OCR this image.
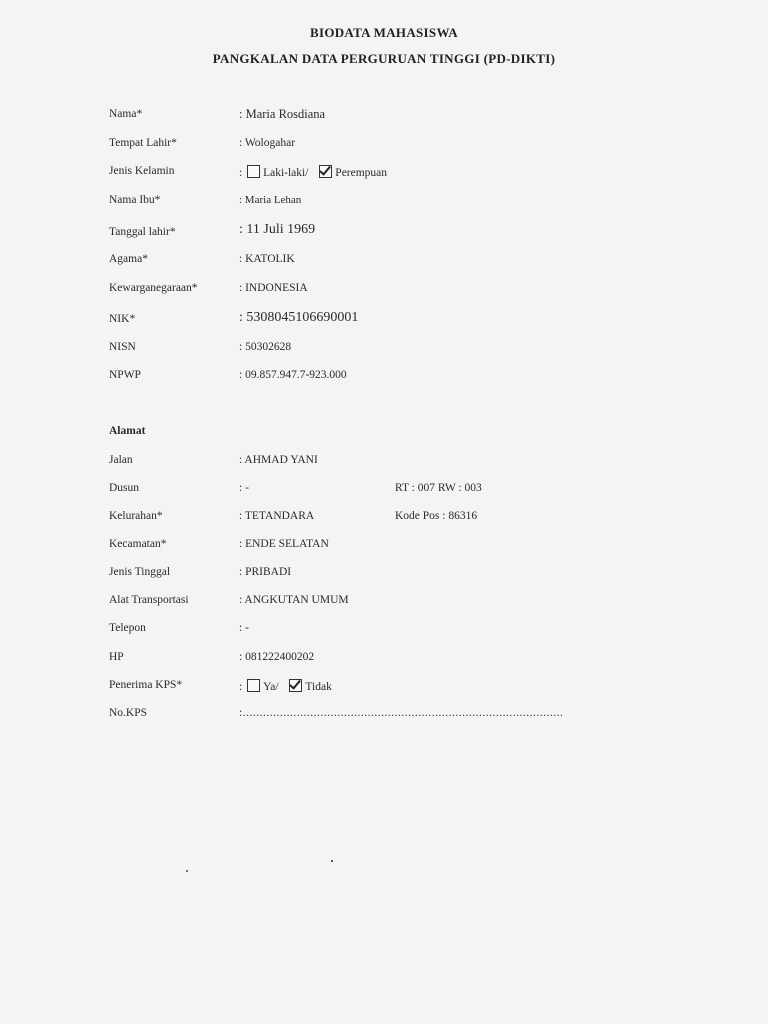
BIODATA MAHASISWA
PANGKALAN DATA PERGURUAN TINGGI (PD-DIKTI)
Nama*	: Maria Rosdiana
Tempat Lahir*	: Wologahar
Jenis Kelamin	: Laki-laki/ Perempuan
Nama Ibu*	: Maria Lehan
Tanggal lahir*	: 11 Juli 1969
Agama*	: KATOLIK
Kewarganegaraan*	: INDONESIA
NIK*	: 5308045106690001
NISN	: 50302628
NPWP	: 09.857.947.7-923.000
Alamat
Jalan	: AHMAD YANI
Dusun	: -	RT : 007 RW : 003
Kelurahan*	: TETANDARA	Kode Pos : 86316
Kecamatan*	: ENDE SELATAN
Jenis Tinggal	: PRIBADI
Alat Transportasi	: ANGKUTAN UMUM
Telepon	: -
HP	: 081222400202
Penerima KPS*	: Ya/ Tidak
No.KPS	:...............................................................................................
